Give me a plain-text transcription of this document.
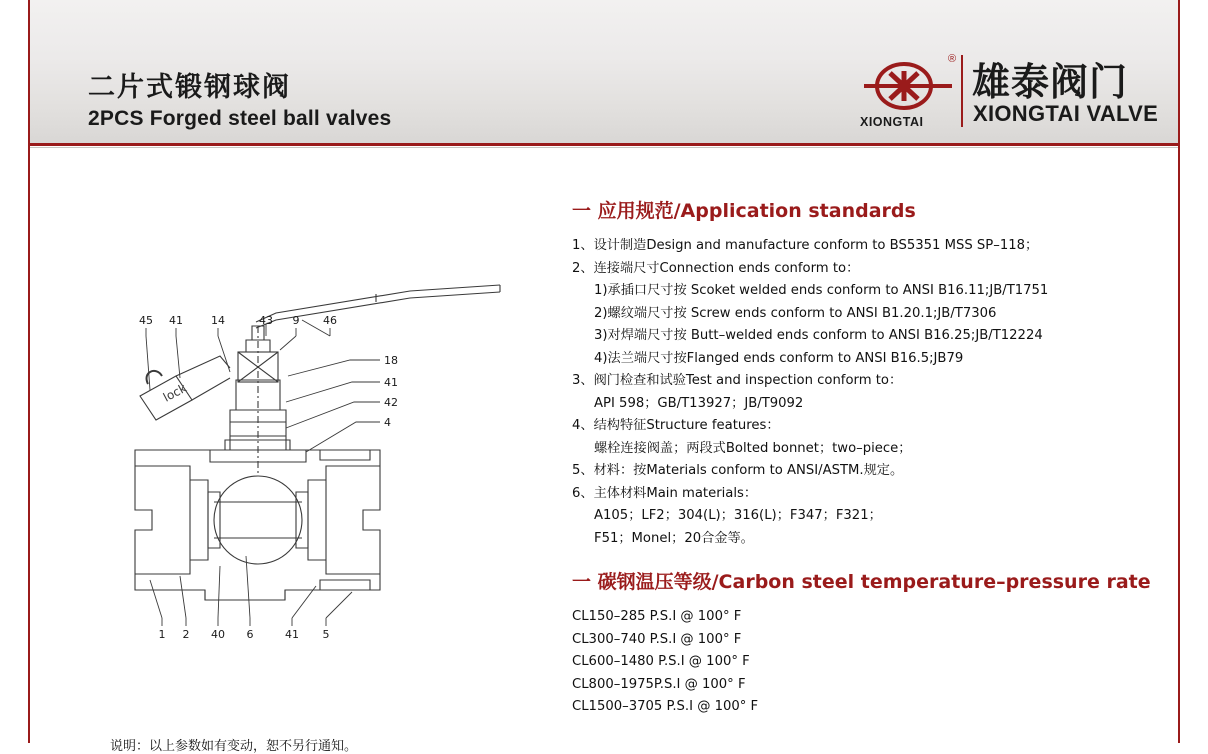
二片式锻钢球阀
2PCS Forged steel ball valves
®
XIONGTAI
雄泰阀门
XIONGTAI VALVE
lock
45 41	14	43 9 46
18
41
42
4
1 2 40 6	41 5
一 应用规范/Application standards
1、设计制造Design and manufacture conform to BS5351 MSS SP–118；
2、连接端尺寸Connection ends conform to：
1)承插口尺寸按 Scoket welded ends conform to ANSI B16.11;JB/T1751
2)螺纹端尺寸按 Screw ends conform to ANSI B1.20.1;JB/T7306
3)对焊端尺寸按 Butt–welded ends conform to ANSI B16.25;JB/T12224
4)法兰端尺寸按Flanged ends conform to ANSI B16.5;JB79
3、阀门检查和试验Test and inspection conform to：
API 598；GB/T13927；JB/T9092
4、结构特征Structure features：
螺栓连接阀盖；两段式Bolted bonnet；two–piece；
5、材料：按Materials conform to ANSI/ASTM.规定。
6、主体材料Main materials：
A105；LF2；304(L)；316(L)；F347；F321；
F51；Monel；20合金等。
一 碳钢温压等级/Carbon steel temperature–pressure rate
CL150–285 P.S.I @ 100° F
CL300–740 P.S.I @ 100° F
CL600–1480 P.S.I @ 100° F
CL800–1975P.S.I @ 100° F
CL1500–3705 P.S.I @ 100° F
说明：以上参数如有变动，恕不另行通知。
